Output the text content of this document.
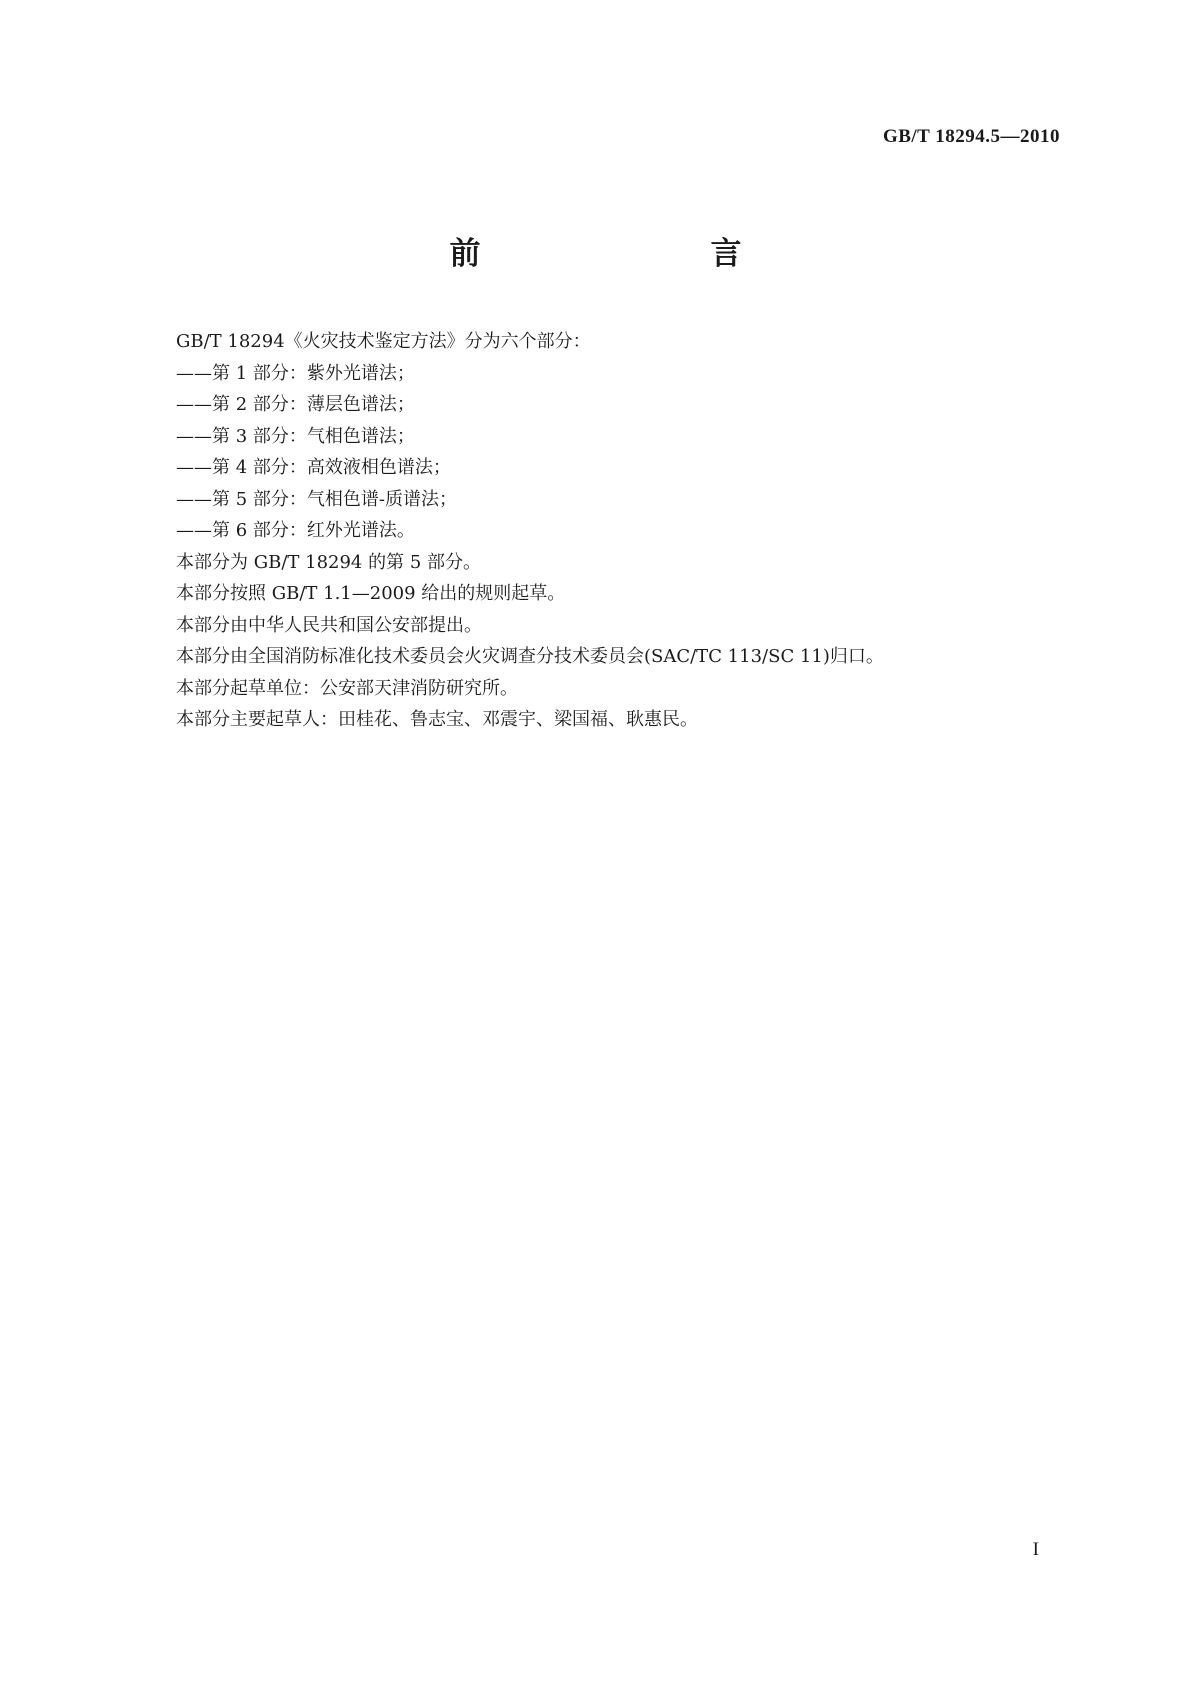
GB/T 18294.5—2010
前　　言
GB/T 18294《火灾技术鉴定方法》分为六个部分：
——第 1 部分：紫外光谱法；
——第 2 部分：薄层色谱法；
——第 3 部分：气相色谱法；
——第 4 部分：高效液相色谱法；
——第 5 部分：气相色谱-质谱法；
——第 6 部分：红外光谱法。
本部分为 GB/T 18294 的第 5 部分。
本部分按照 GB/T 1.1—2009 给出的规则起草。
本部分由中华人民共和国公安部提出。
本部分由全国消防标准化技术委员会火灾调查分技术委员会(SAC/TC 113/SC 11)归口。
本部分起草单位：公安部天津消防研究所。
本部分主要起草人：田桂花、鲁志宝、邓震宇、梁国福、耿惠民。
I
